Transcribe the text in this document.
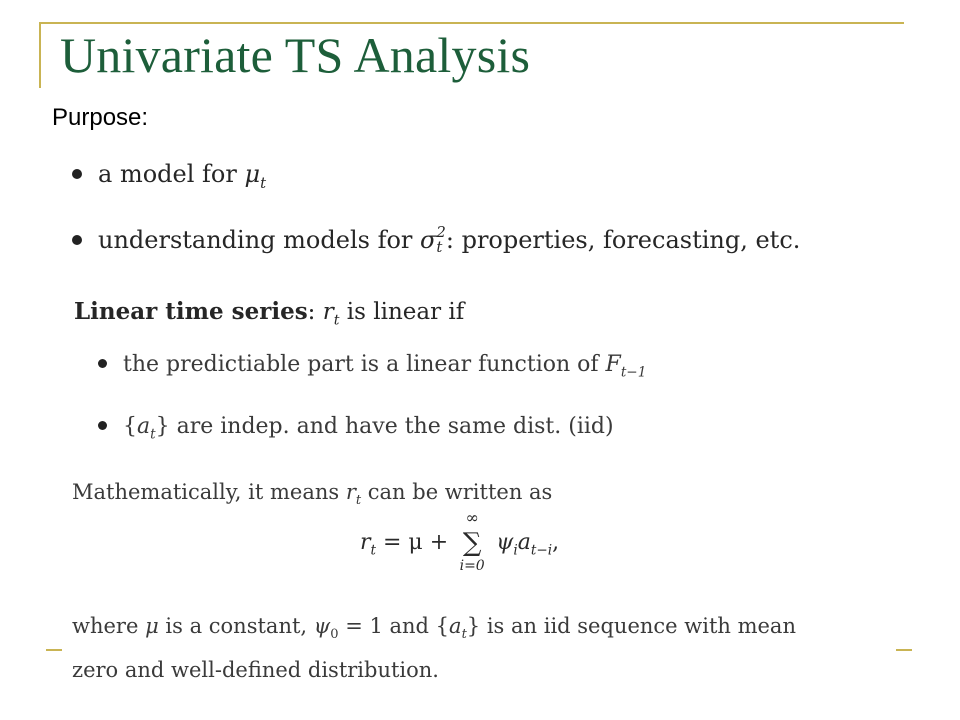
Univariate TS Analysis
Purpose:
a model for $\mu_t$
understanding models for σ 2
t : properties, forecasting, etc.
Linear time series: $r_t$ is linear if
the predictiable part is a linear function of $F_{t-1}$
$\{a_t\}$ are indep. and have the same dist. (iid)
Mathematically, it means $r_t$ can be written as
$r_t = \mu$ +
∞
∑
i=0
$\psi_ia_{t-i}$,
where μ is a constant, $\psi_0 = 1$ and $\{a_t\}$ is an iid sequence with mean
zero and well-defined distribution.
